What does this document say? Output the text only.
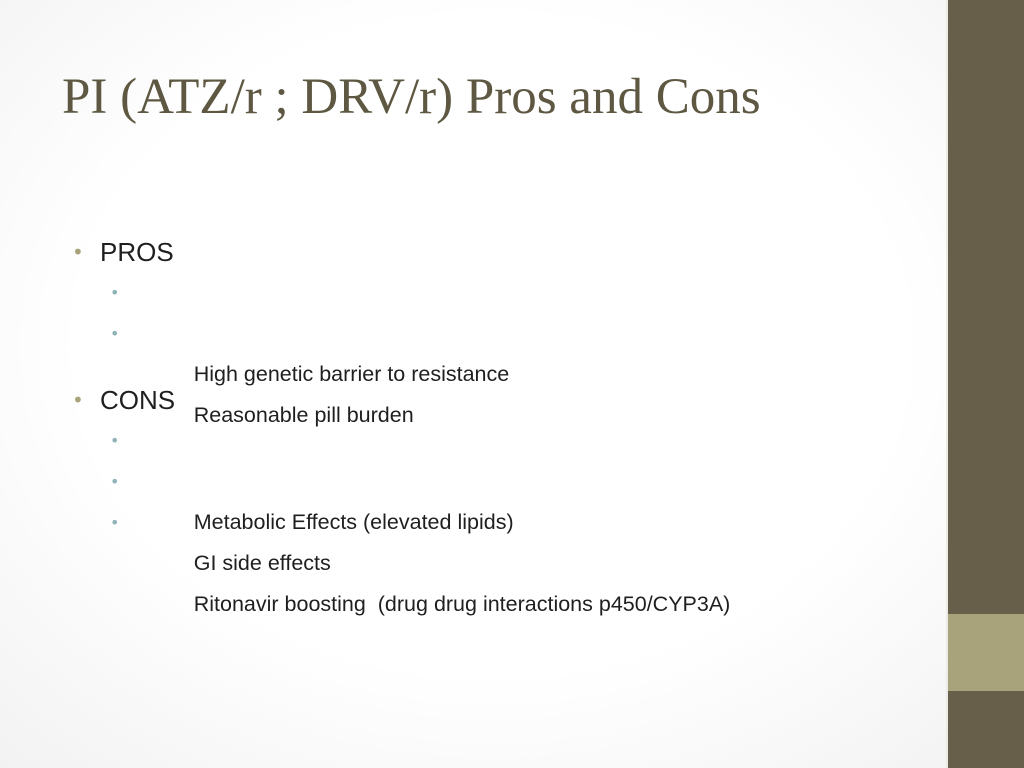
PI (ATZ/r ; DRV/r) Pros and Cons
• PROS

•

High genetic barrier to resistance

•

Reasonable pill burden

• CONS

•

Metabolic Effects (elevated lipids)

•

GI side effects

•

Ritonavir boosting  (drug drug interactions p450/CYP3A)
